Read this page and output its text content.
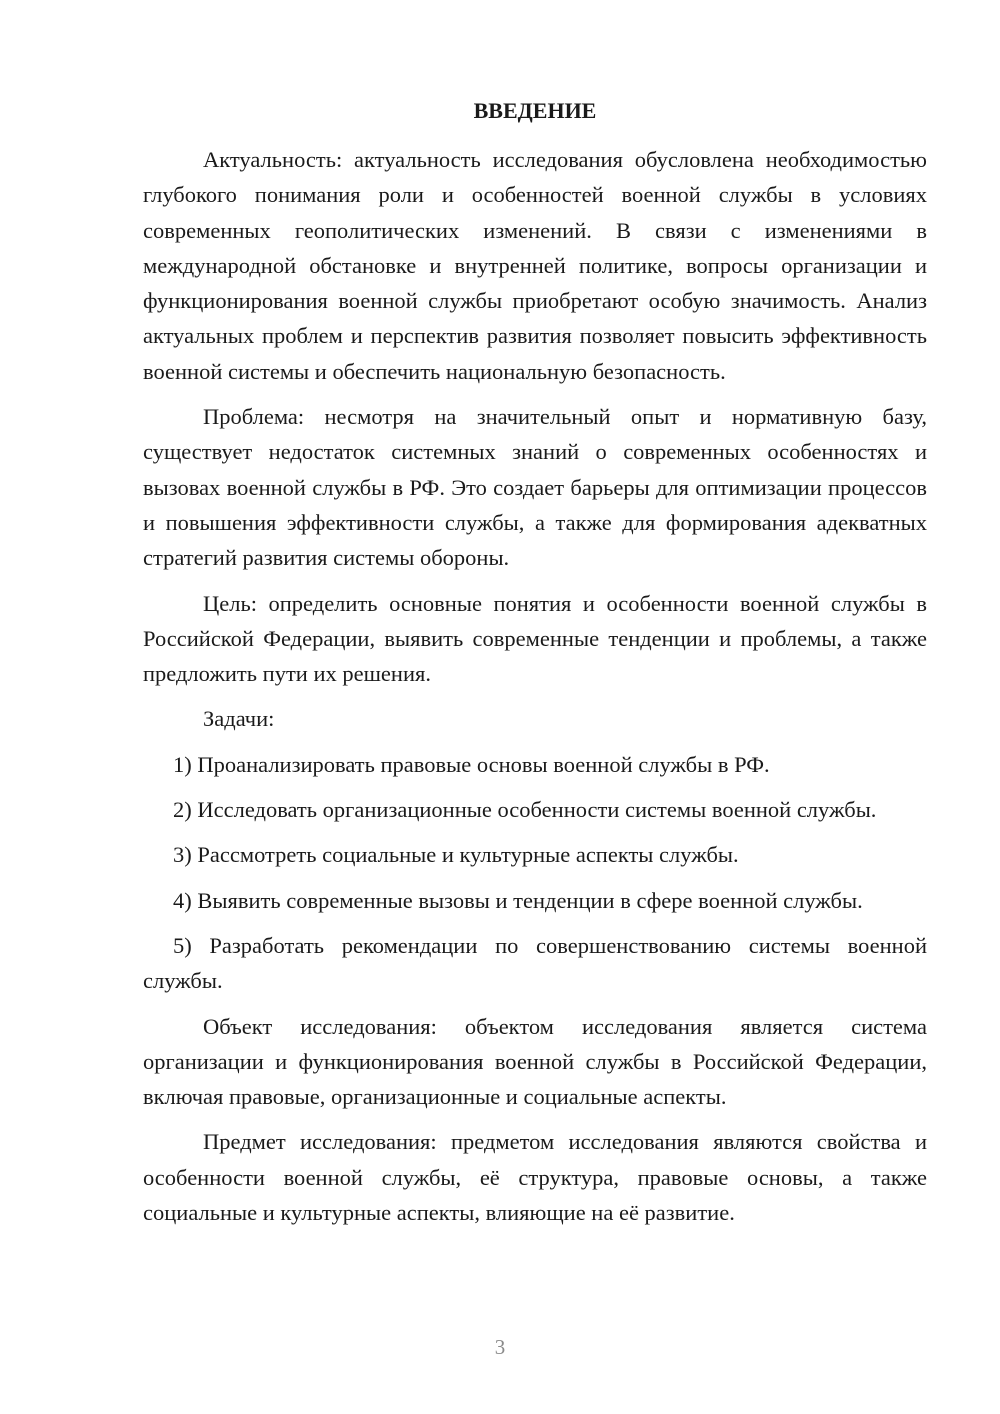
ВВЕДЕНИЕ

Актуальность: актуальность исследования обусловлена необходимостью глубокого понимания роли и особенностей военной службы в условиях современных геополитических изменений. В связи с изменениями в международной обстановке и внутренней политике, вопросы организации и функционирования военной службы приобретают особую значимость. Анализ актуальных проблем и перспектив развития позволяет повысить эффективность военной системы и обеспечить национальную безопасность.

Проблема: несмотря на значительный опыт и нормативную базу, существует недостаток системных знаний о современных особенностях и вызовах военной службы в РФ. Это создает барьеры для оптимизации процессов и повышения эффективности службы, а также для формирования адекватных стратегий развития системы обороны.

Цель: определить основные понятия и особенности военной службы в Российской Федерации, выявить современные тенденции и проблемы, а также предложить пути их решения.

Задачи:

1) Проанализировать правовые основы военной службы в РФ.

2) Исследовать организационные особенности системы военной службы.

3) Рассмотреть социальные и культурные аспекты службы.

4) Выявить современные вызовы и тенденции в сфере военной службы.

5) Разработать рекомендации по совершенствованию системы военной службы.

Объект исследования: объектом исследования является система организации и функционирования военной службы в Российской Федерации, включая правовые, организационные и социальные аспекты.

Предмет исследования: предметом исследования являются свойства и особенности военной службы, её структура, правовые основы, а также социальные и культурные аспекты, влияющие на её развитие.

3
